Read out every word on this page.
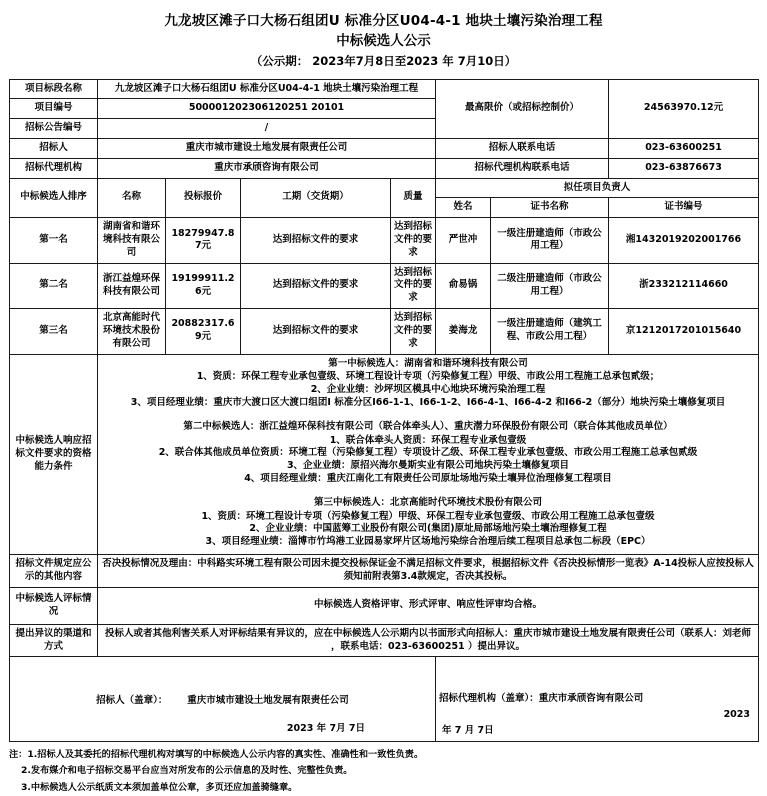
九龙坡区滩子口大杨石组团U 标准分区U04-4-1 地块土壤污染治理工程
中标候选人公示
（公示期： 2023年7月8日至2023 年 7月10日）
项目标段名称	九龙坡区滩子口大杨石组团U 标准分区U04-4-1 地块土壤污染治理工程				最高限价（或招标控制价）		24563970.12元
项目编号	500001202306120251 20101						
招标公告编号	/						
招标人	重庆市城市建设土地发展有限责任公司				招标人联系电话		023-63600251
招标代理机构	重庆市承颀咨询有限公司				招标代理机构联系电话		023-63876673
中标候选人排序	名称	投标报价	工期（交货期）	质量	拟任项目负责人		
					姓名	证书名称	证书编号
第一名	湖南省和谐环境科技有限公司	18279947.87元	达到招标文件的要求	达到招标文件的要求	严世冲	一级注册建造师（市政公用工程）	湘1432019202001766
第二名	浙江益煌环保科技有限公司	19199911.26元	达到招标文件的要求	达到招标文件的要求	俞易锅	二级注册建造师（市政公用工程）	浙233212114660
第三名	北京高能时代环境技术股份有限公司	20882317.69元	达到招标文件的要求	达到招标文件的要求	姜海龙	一级注册建造师（建筑工程、市政公用工程）	京1212017201015640
中标候选人响应招标文件要求的资格能力条件	

第一中标候选人：湖南省和谐环境科技有限公司

1、资质：环保工程专业承包壹级、环境工程设计专项（污染修复工程）甲级、市政公用工程施工总承包贰级；

2、企业业绩：沙坪坝区模具中心地块环境污染治理工程

3、项目经理业绩：重庆市大渡口区大渡口组团I 标准分区I66-1-1、I66-1-2、I66-4-1、I66-4-2 和I66-2（部分）地块污染土壤修复项目

第二中标候选人：浙江益煌环保科技有限公司（联合体牵头人）、重庆潜力环保股份有限公司（联合体其他成员单位）

1、联合体牵头人资质：环保工程专业承包壹级

2、联合体其他成员单位资质：环境工程（污染修复工程）专项设计乙级、环保工程专业承包壹级、市政公用工程施工总承包贰级

3、企业业绩：原招兴海尔曼斯实业有限公司地块污染土壤修复项目

4、项目经理业绩：重庆江南化工有限责任公司原址场地污染土壤异位治理修复工程项目

第三中标候选人：北京高能时代环境技术股份有限公司

1、资质：环境工程设计专项（污染修复工程）甲级、环保工程专业承包壹级、市政公用工程施工总承包壹级

2、企业业绩：中国蓝筹工业股份有限公司(集团)原址局部场地污染土壤治理修复工程

3、项目经理业绩：淄博市竹坞港工业园易家坪片区场地污染综合治理后续工程项目总承包二标段（EPC）

招标文件规定应公示的其他内容	否决投标情况及理由：中科路实环境工程有限公司因未提交投标保证金不满足招标文件要求，根据招标文件《否决投标情形一览表》A-14投标人应按投标人须知前附表第3.4款规定，否决其投标。						
中标候选人评标情况	中标候选人资格评审、形式评审、响应性评审均合格。						
提出异议的渠道和方式	投标人或者其他利害关系人对评标结果有异议的，应在中标候选人公示期内以书面形式向招标人：重庆市城市建设土地发展有限责任公司（联系人：刘老师 ，联系电话：023-63600251 ）提出异议。						

招标人（盖章）： 重庆市城市建设土地发展有限责任公司
2023 年 7月 7日					招标代理机构（盖章）：重庆市承颀咨询有限公司
2023
年 7 月 7日		
注：1.招标人及其委托的招标代理机构对填写的中标候选人公示内容的真实性、准确性和一致性负责。
2.发布媒介和电子招标交易平台应当对所发布的公示信息的及时性、完整性负责。
3.中标候选人公示纸质文本须加盖单位公章，多页还应加盖骑缝章。
